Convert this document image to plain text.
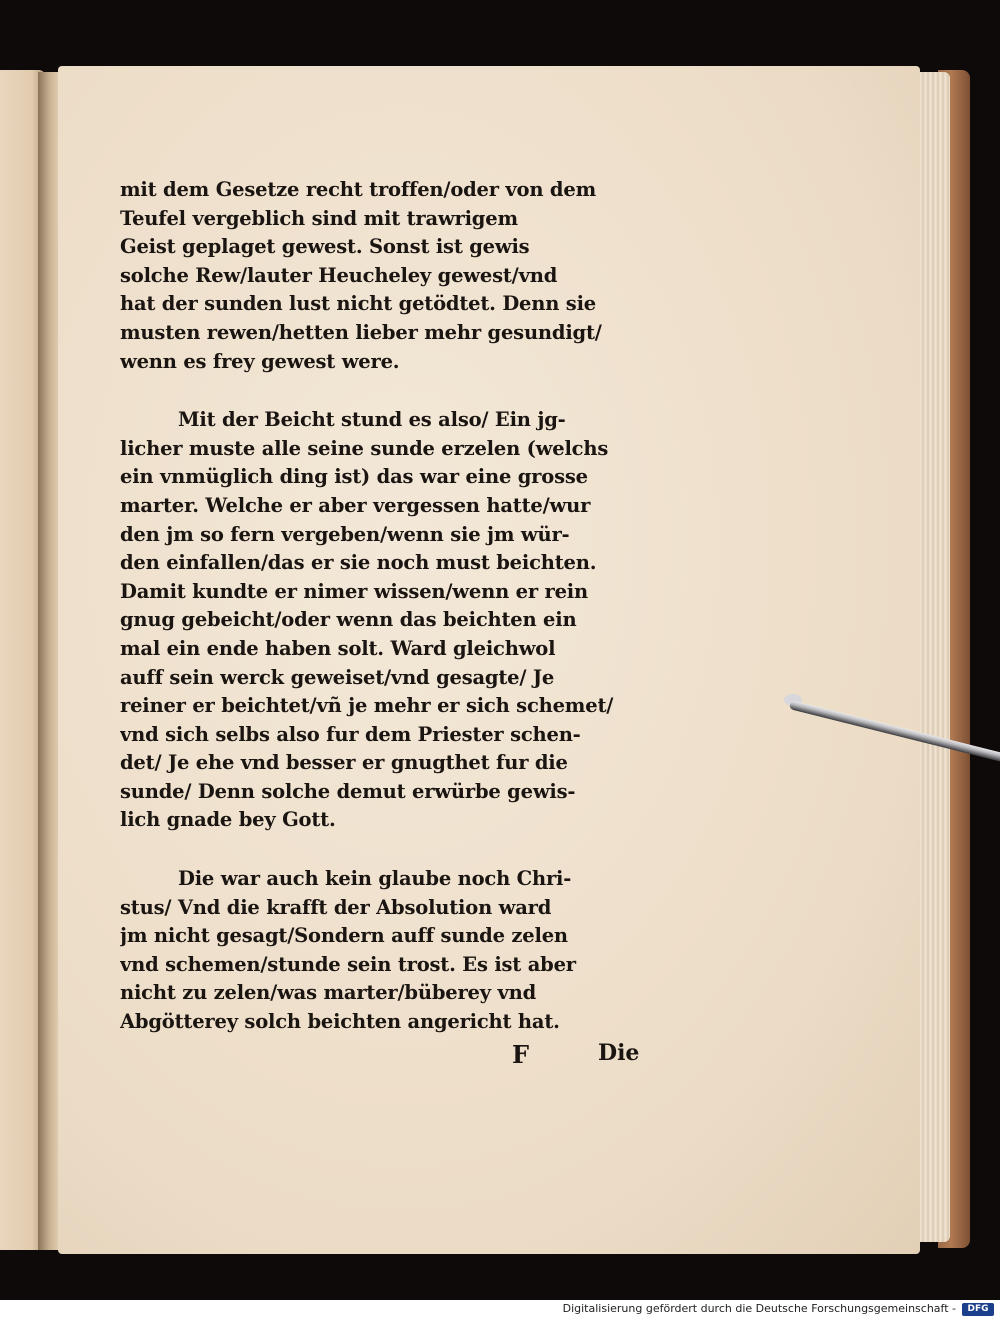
mit dem Gesetze recht troffen/oder von dem
Teufel vergeblich sind mit trawrigem
Geist geplaget gewest. Sonst ist gewis
solche Rew/lauter Heucheley gewest/vnd
hat der sunden lust nicht getödtet. Denn sie
musten rewen/hetten lieber mehr gesundigt/
wenn es frey gewest were.
Mit der Beicht stund es also/ Ein jg-
licher muste alle seine sunde erzelen (welchs
ein vnmüglich ding ist) das war eine grosse
marter. Welche er aber vergessen hatte/wur
den jm so fern vergeben/wenn sie jm wür-
den einfallen/das er sie noch must beichten.
Damit kundte er nimer wissen/wenn er rein
gnug gebeicht/oder wenn das beichten ein
mal ein ende haben solt. Ward gleichwol
auff sein werck geweiset/vnd gesagte/ Je
reiner er beichtet/vñ je mehr er sich schemet/
vnd sich selbs also fur dem Priester schen-
det/ Je ehe vnd besser er gnugthet fur die
sunde/ Denn solche demut erwürbe gewis-
lich gnade bey Gott.
Die war auch kein glaube noch Chri-
stus/ Vnd die krafft der Absolution ward
jm nicht gesagt/Sondern auff sunde zelen
vnd schemen/stunde sein trost. Es ist aber
nicht zu zelen/was marter/büberey vnd
Abgötterey solch beichten angericht hat.
F	Die
Digitalisierung gefördert durch die Deutsche Forschungsgemeinschaft -	DFG
